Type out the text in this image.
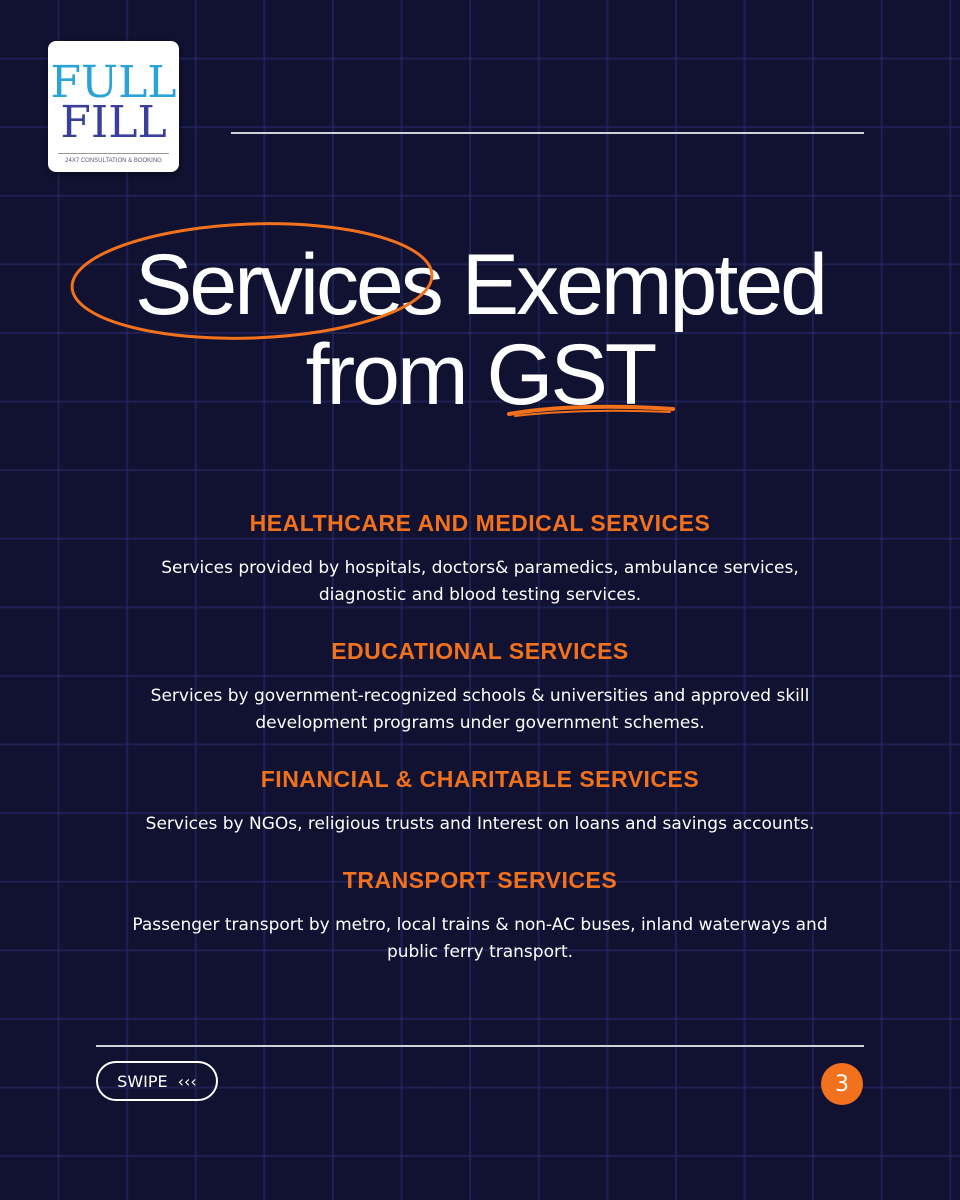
FULL
FILL
24X7 CONSULTATION & BOOKING
Services Exempted
from GST
HEALTHCARE AND MEDICAL SERVICES

Services provided by hospitals, doctors& paramedics, ambulance services, diagnostic and blood testing services.

EDUCATIONAL SERVICES

Services by government-recognized schools & universities and approved skill development programs under government schemes.

FINANCIAL & CHARITABLE SERVICES

Services by NGOs, religious trusts and Interest on loans and savings accounts.

TRANSPORT SERVICES

Passenger transport by metro, local trains & non-AC buses, inland waterways and public ferry transport.

SWIPE ‹‹‹	3
